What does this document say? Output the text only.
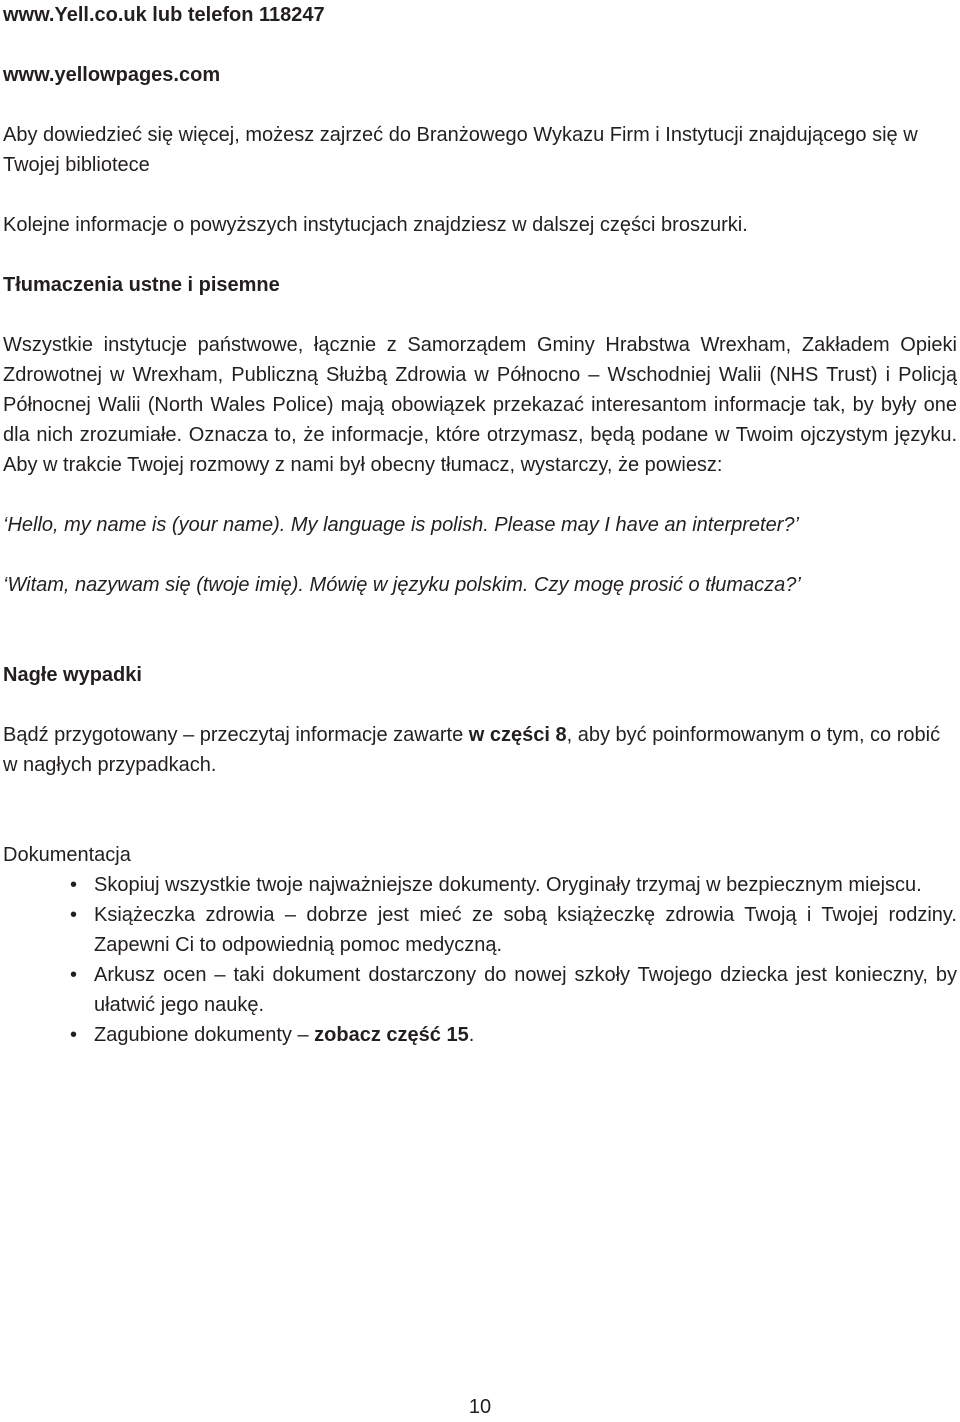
www.Yell.co.uk lub telefon 118247

www.yellowpages.com

Aby dowiedzieć się więcej, możesz zajrzeć do Branżowego Wykazu Firm i Instytucji znajdującego się w Twojej bibliotece

Kolejne informacje o powyższych instytucjach znajdziesz w dalszej części broszurki.

Tłumaczenia ustne i pisemne

Wszystkie instytucje państwowe, łącznie z Samorządem Gminy Hrabstwa Wrexham, Zakładem Opieki Zdrowotnej w Wrexham, Publiczną Służbą Zdrowia w Północno – Wschodniej Walii (NHS Trust) i Policją Północnej Walii (North Wales Police) mają obowiązek przekazać interesantom informacje tak, by były one dla nich zrozumiałe. Oznacza to, że informacje, które otrzymasz, będą podane w Twoim ojczystym języku. Aby w trakcie Twojej rozmowy z nami był obecny tłumacz, wystarczy, że powiesz:

‘Hello, my name is (your name). My language is polish. Please may I have an interpreter?’

‘Witam, nazywam się (twoje imię). Mówię w języku polskim. Czy mogę prosić o tłumacza?’

Nagłe wypadki

Bądź przygotowany – przeczytaj informacje zawarte w części 8, aby być poinformowanym o tym, co robić w nagłych przypadkach.

Dokumentacja

• Skopiuj wszystkie twoje najważniejsze dokumenty. Oryginały trzymaj w bezpiecznym miejscu.
• Książeczka zdrowia – dobrze jest mieć ze sobą książeczkę zdrowia Twoją i Twojej rodziny. Zapewni Ci to odpowiednią pomoc medyczną.
• Arkusz ocen – taki dokument dostarczony do nowej szkoły Twojego dziecka jest konieczny, by ułatwić jego naukę.
• Zagubione dokumenty – zobacz część 15.
10
